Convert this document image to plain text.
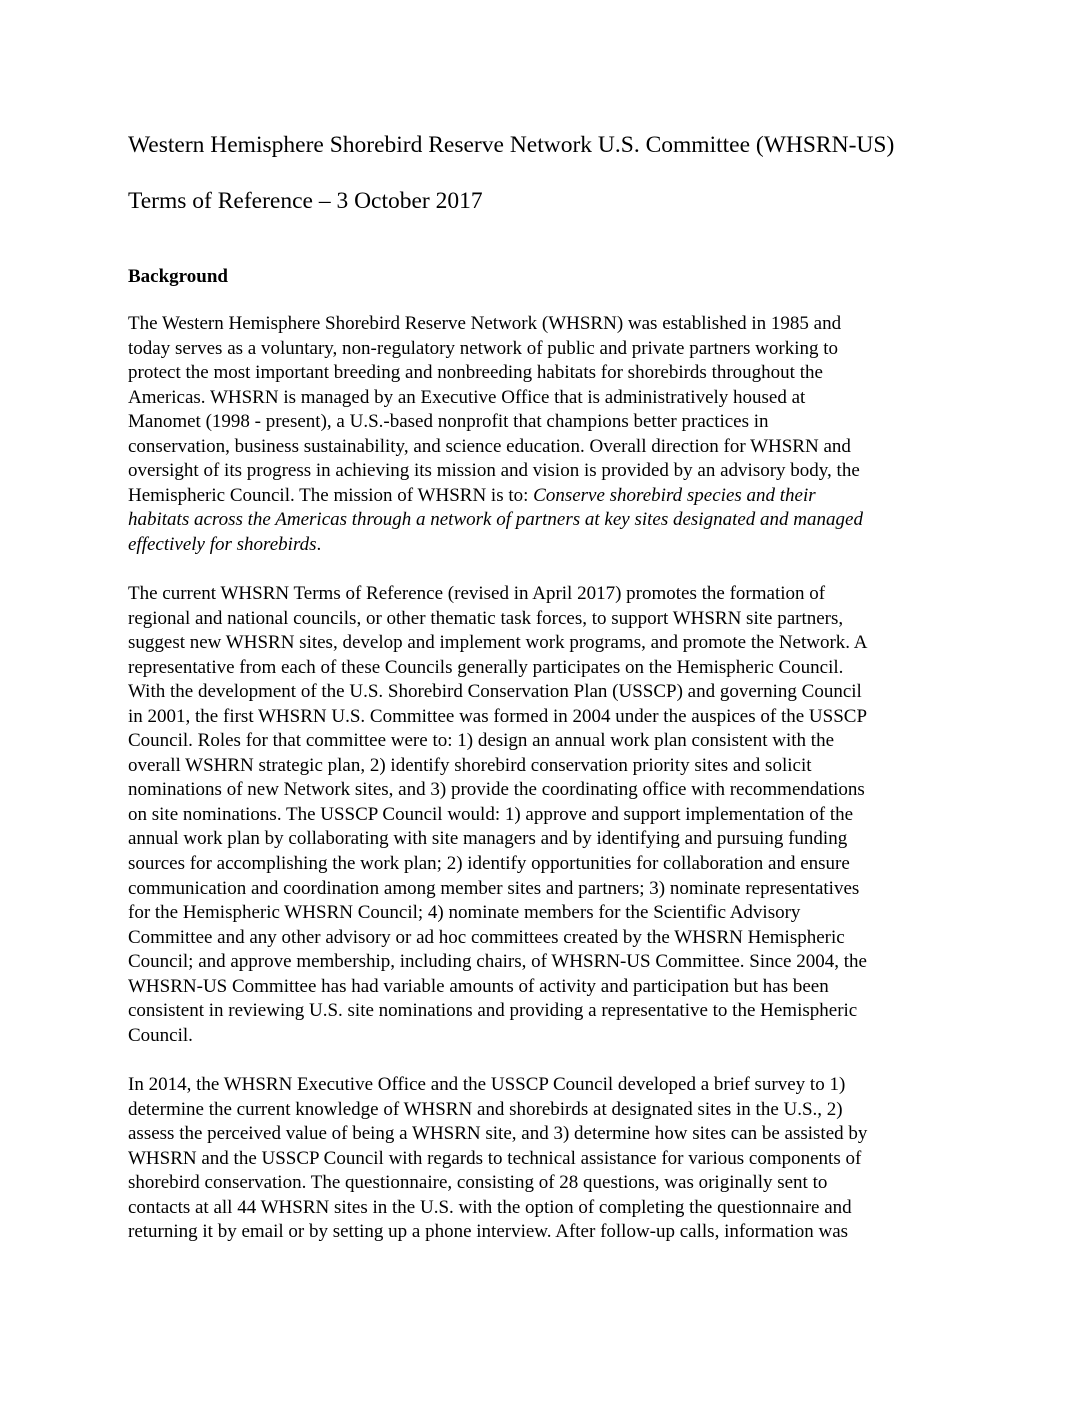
Western Hemisphere Shorebird Reserve Network U.S. Committee (WHSRN-US)
Terms of Reference – 3 October 2017
Background
The Western Hemisphere Shorebird Reserve Network (WHSRN) was established in 1985 and
today serves as a voluntary, non-regulatory network of public and private partners working to
protect the most important breeding and nonbreeding habitats for shorebirds throughout the
Americas. WHSRN is managed by an Executive Office that is administratively housed at
Manomet (1998 - present), a U.S.-based nonprofit that champions better practices in
conservation, business sustainability, and science education. Overall direction for WHSRN and
oversight of its progress in achieving its mission and vision is provided by an advisory body, the
Hemispheric Council. The mission of WHSRN is to: Conserve shorebird species and their
habitats across the Americas through a network of partners at key sites designated and managed
effectively for shorebirds.
The current WHSRN Terms of Reference (revised in April 2017) promotes the formation of
regional and national councils, or other thematic task forces, to support WHSRN site partners,
suggest new WHSRN sites, develop and implement work programs, and promote the Network. A
representative from each of these Councils generally participates on the Hemispheric Council.
With the development of the U.S. Shorebird Conservation Plan (USSCP) and governing Council
in 2001, the first WHSRN U.S. Committee was formed in 2004 under the auspices of the USSCP
Council. Roles for that committee were to: 1) design an annual work plan consistent with the
overall WSHRN strategic plan, 2) identify shorebird conservation priority sites and solicit
nominations of new Network sites, and 3) provide the coordinating office with recommendations
on site nominations. The USSCP Council would: 1) approve and support implementation of the
annual work plan by collaborating with site managers and by identifying and pursuing funding
sources for accomplishing the work plan; 2) identify opportunities for collaboration and ensure
communication and coordination among member sites and partners; 3) nominate representatives
for the Hemispheric WHSRN Council; 4) nominate members for the Scientific Advisory
Committee and any other advisory or ad hoc committees created by the WHSRN Hemispheric
Council; and approve membership, including chairs, of WHSRN-US Committee. Since 2004, the
WHSRN-US Committee has had variable amounts of activity and participation but has been
consistent in reviewing U.S. site nominations and providing a representative to the Hemispheric
Council.
In 2014, the WHSRN Executive Office and the USSCP Council developed a brief survey to 1)
determine the current knowledge of WHSRN and shorebirds at designated sites in the U.S., 2)
assess the perceived value of being a WHSRN site, and 3) determine how sites can be assisted by
WHSRN and the USSCP Council with regards to technical assistance for various components of
shorebird conservation. The questionnaire, consisting of 28 questions, was originally sent to
contacts at all 44 WHSRN sites in the U.S. with the option of completing the questionnaire and
returning it by email or by setting up a phone interview. After follow-up calls, information was
